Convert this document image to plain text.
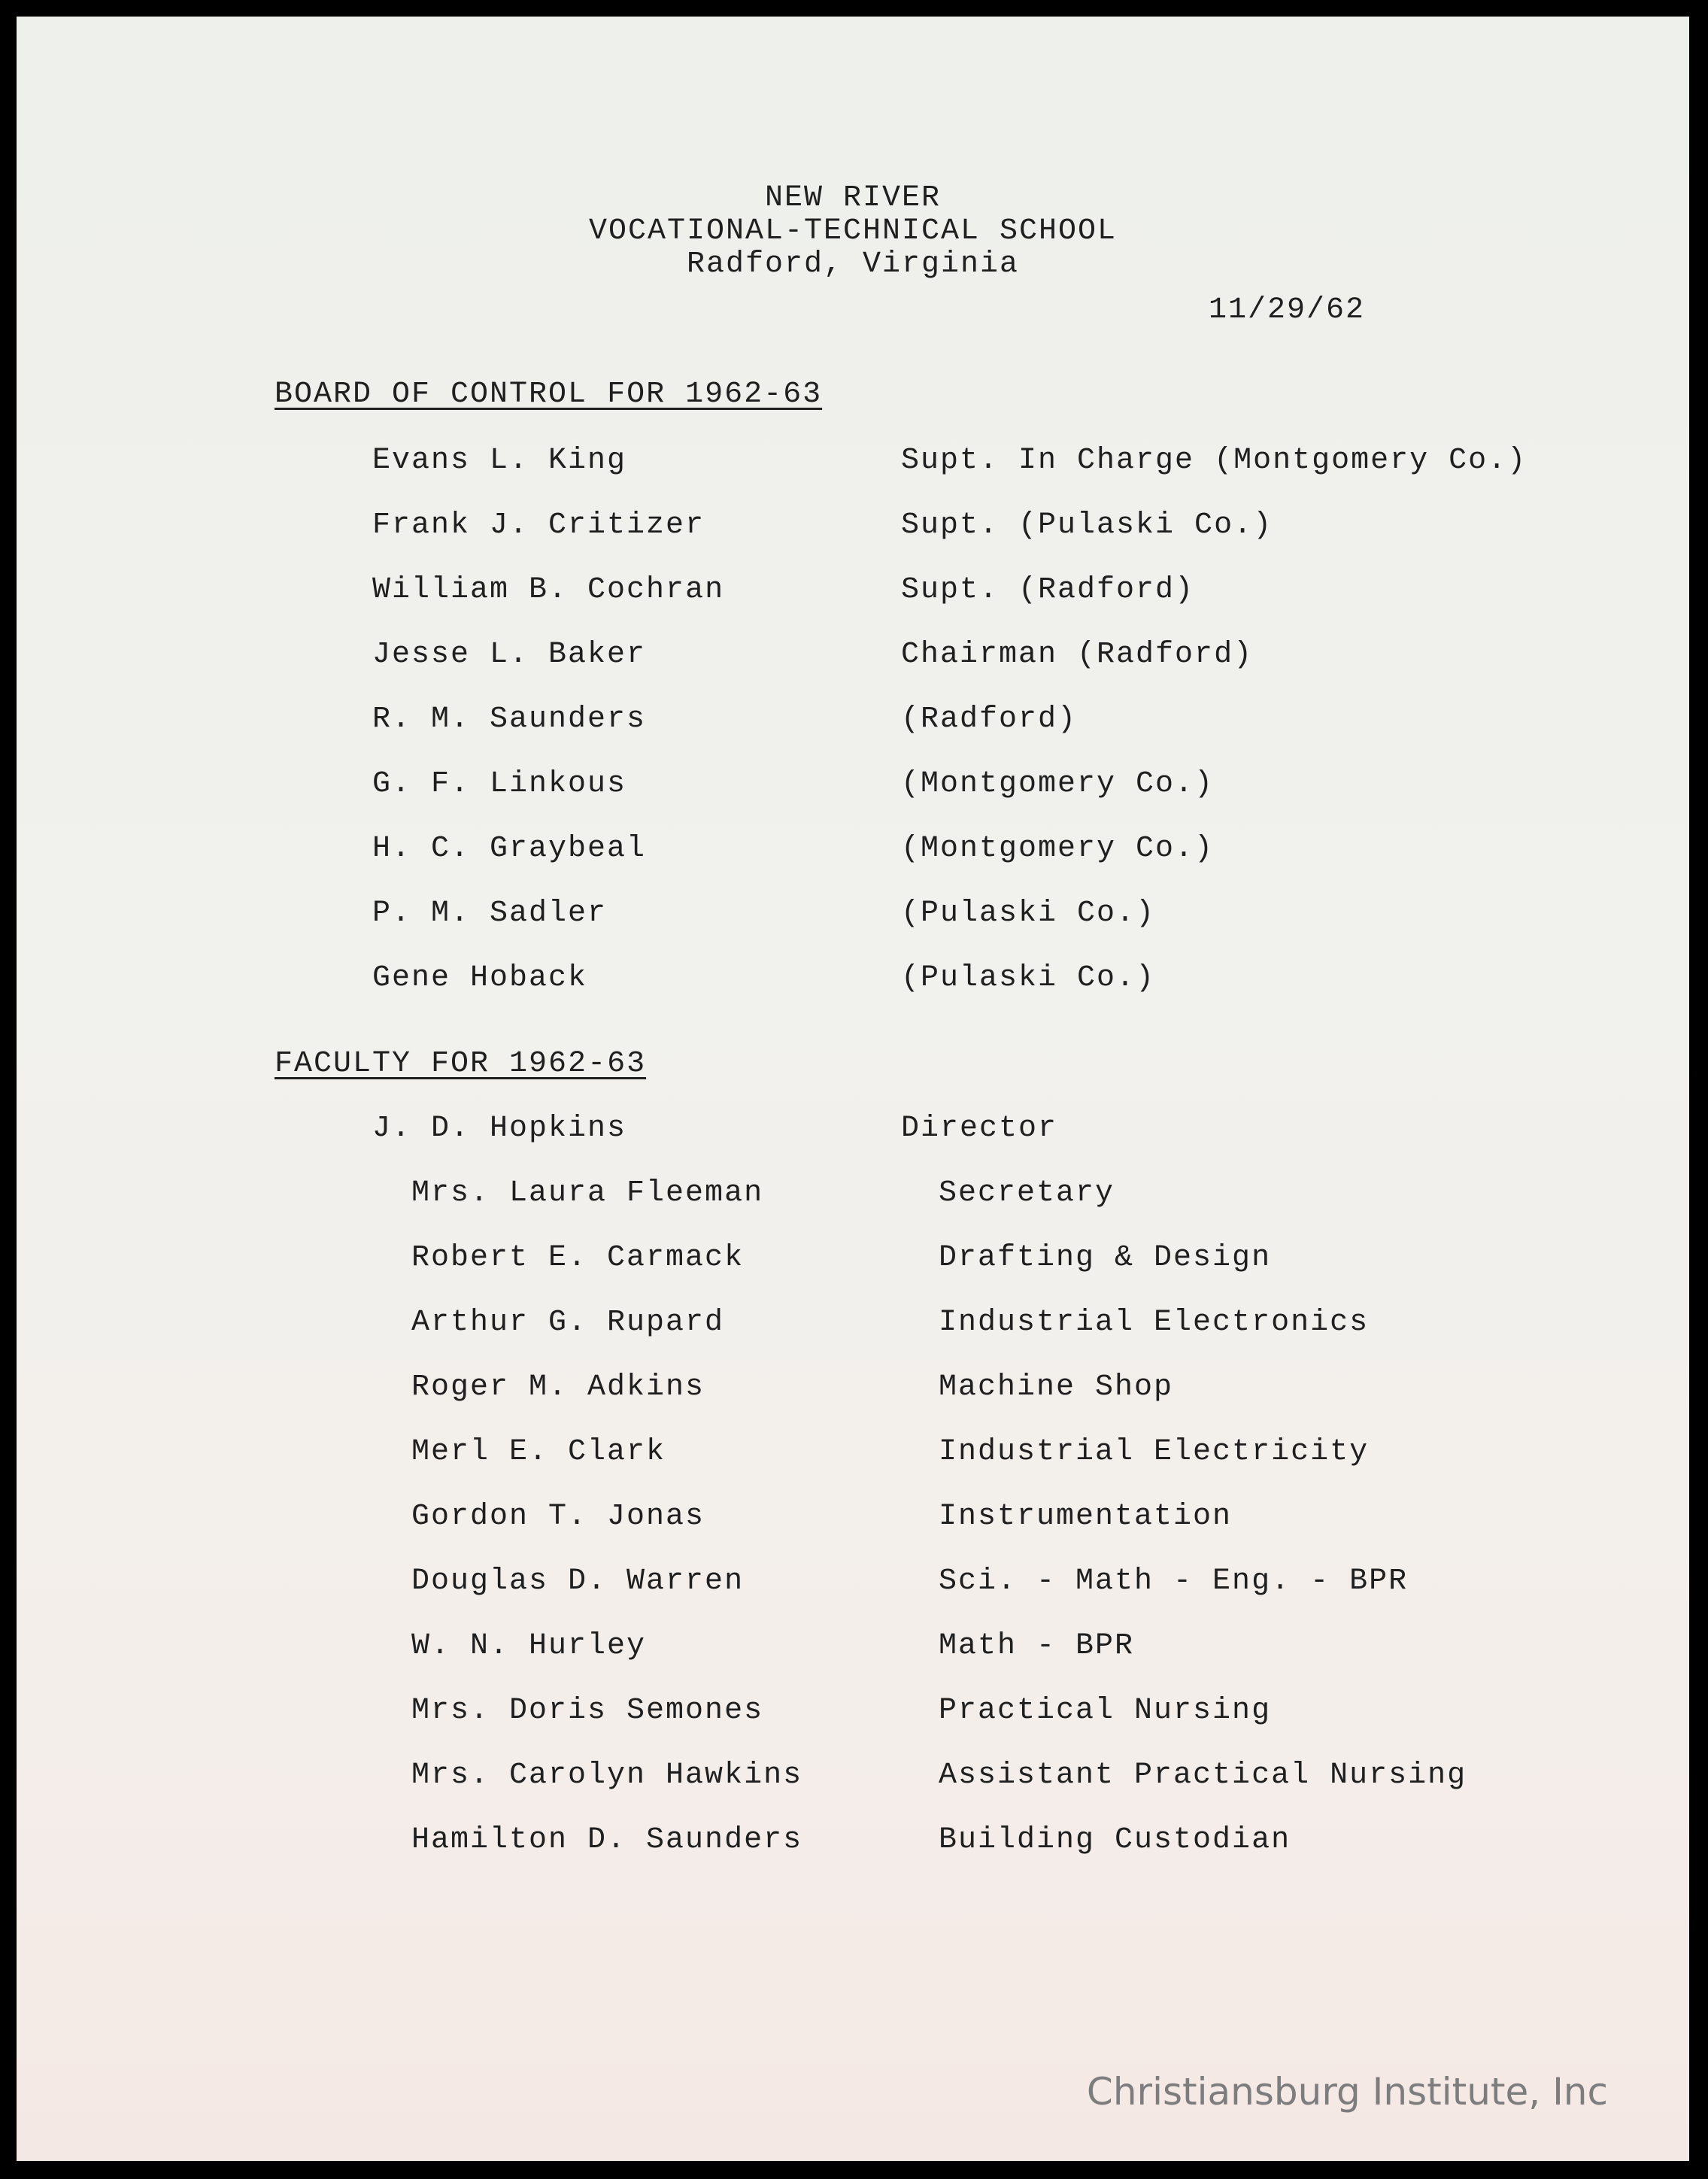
NEW RIVER
VOCATIONAL-TECHNICAL SCHOOL
Radford, Virginia
11/29/62
BOARD OF CONTROL FOR 1962-63
Evans L. King	Supt. In Charge (Montgomery Co.)
Frank J. Critizer	Supt. (Pulaski Co.)
William B. Cochran	Supt. (Radford)
Jesse L. Baker	Chairman (Radford)
R. M. Saunders	(Radford)
G. F. Linkous	(Montgomery Co.)
H. C. Graybeal	(Montgomery Co.)
P. M. Sadler	(Pulaski Co.)
Gene Hoback	(Pulaski Co.)
FACULTY FOR 1962-63
J. D. Hopkins	Director
Mrs. Laura Fleeman	Secretary
Robert E. Carmack	Drafting & Design
Arthur G. Rupard	Industrial Electronics
Roger M. Adkins	Machine Shop
Merl E. Clark	Industrial Electricity
Gordon T. Jonas	Instrumentation
Douglas D. Warren	Sci. - Math - Eng. - BPR
W. N. Hurley	Math - BPR
Mrs. Doris Semones	Practical Nursing
Mrs. Carolyn Hawkins	Assistant Practical Nursing
Hamilton D. Saunders	Building Custodian
Christiansburg Institute, Inc
